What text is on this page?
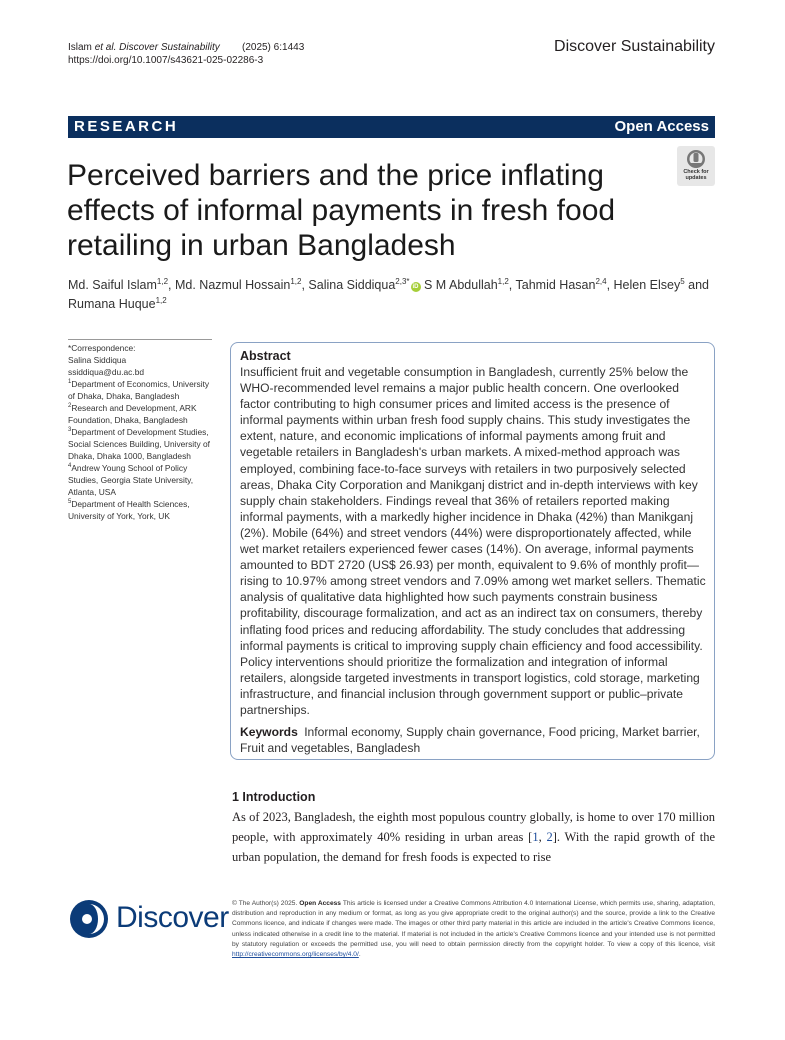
Islam et al. Discover Sustainability (2025) 6:1443
https://doi.org/10.1007/s43621-025-02286-3
Discover Sustainability
RESEARCH	Open Access
Check for
updates
Perceived barriers and the price inflating effects of informal payments in fresh food retailing in urban Bangladesh
Md. Saiful Islam$^{1,2}$, Md. Nazmul Hossain$^{1,2}$, Salina Siddiqua$^{2,3*}$iD S M Abdullah$^{1,2}$, Tahmid Hasan$^{2,4}$, Helen Elsey$^5$ and Rumana Huque$^{1,2}$

*Correspondence:

Salina Siddiqua

ssiddiqua@du.ac.bd

$^1$Department of Economics, University of Dhaka, Dhaka, Bangladesh

$^2$Research and Development, ARK Foundation, Dhaka, Bangladesh

$^3$Department of Development Studies, Social Sciences Building, University of Dhaka, Dhaka 1000, Bangladesh

$^4$Andrew Young School of Policy Studies, Georgia State University, Atlanta, USA

$^5$Department of Health Sciences, University of York, York, UK

Abstract

Insufficient fruit and vegetable consumption in Bangladesh, currently 25% below the WHO-recommended level remains a major public health concern. One overlooked factor contributing to high consumer prices and limited access is the presence of informal payments within urban fresh food supply chains. This study investigates the extent, nature, and economic implications of informal payments among fruit and vegetable retailers in Bangladesh's urban markets. A mixed-method approach was employed, combining face-to-face surveys with retailers in two purposively selected areas, Dhaka City Corporation and Manikganj district and in-depth interviews with key supply chain stakeholders. Findings reveal that 36% of retailers reported making informal payments, with a markedly higher incidence in Dhaka (42%) than Manikganj (2%). Mobile (64%) and street vendors (44%) were disproportionately affected, while wet market retailers experienced fewer cases (14%). On average, informal payments amounted to BDT 2720 (US$ 26.93) per month, equivalent to 9.6% of monthly profit—rising to 10.97% among street vendors and 7.09% among wet market sellers. Thematic analysis of qualitative data highlighted how such payments constrain business profitability, discourage formalization, and act as an indirect tax on consumers, thereby inflating food prices and reducing affordability. The study concludes that addressing informal payments is critical to improving supply chain efficiency and food accessibility. Policy interventions should prioritize the formalization and integration of informal retailers, alongside targeted investments in transport logistics, cold storage, marketing infrastructure, and financial inclusion through government support or public–private partnerships.

Keywords Informal economy, Supply chain governance, Food pricing, Market barrier, Fruit and vegetables, Bangladesh

1 Introduction

As of 2023, Bangladesh, the eighth most populous country globally, is home to over 170 million people, with approximately 40% residing in urban areas [1, 2]. With the rapid growth of the urban population, the demand for fresh foods is expected to rise

Discover © The Author(s) 2025. Open Access This article is licensed under a Creative Commons Attribution 4.0 International License, which permits use, sharing, adaptation, distribution and reproduction in any medium or format, as long as you give appropriate credit to the original author(s) and the source, provide a link to the Creative Commons licence, and indicate if changes were made. The images or other third party material in this article are included in the article's Creative Commons licence, unless indicated otherwise in a credit line to the material. If material is not included in the article's Creative Commons licence and your intended use is not permitted by statutory regulation or exceeds the permitted use, you will need to obtain permission directly from the copyright holder. To view a copy of this licence, visit http://creativecommons.org/licenses/by/4.0/.
